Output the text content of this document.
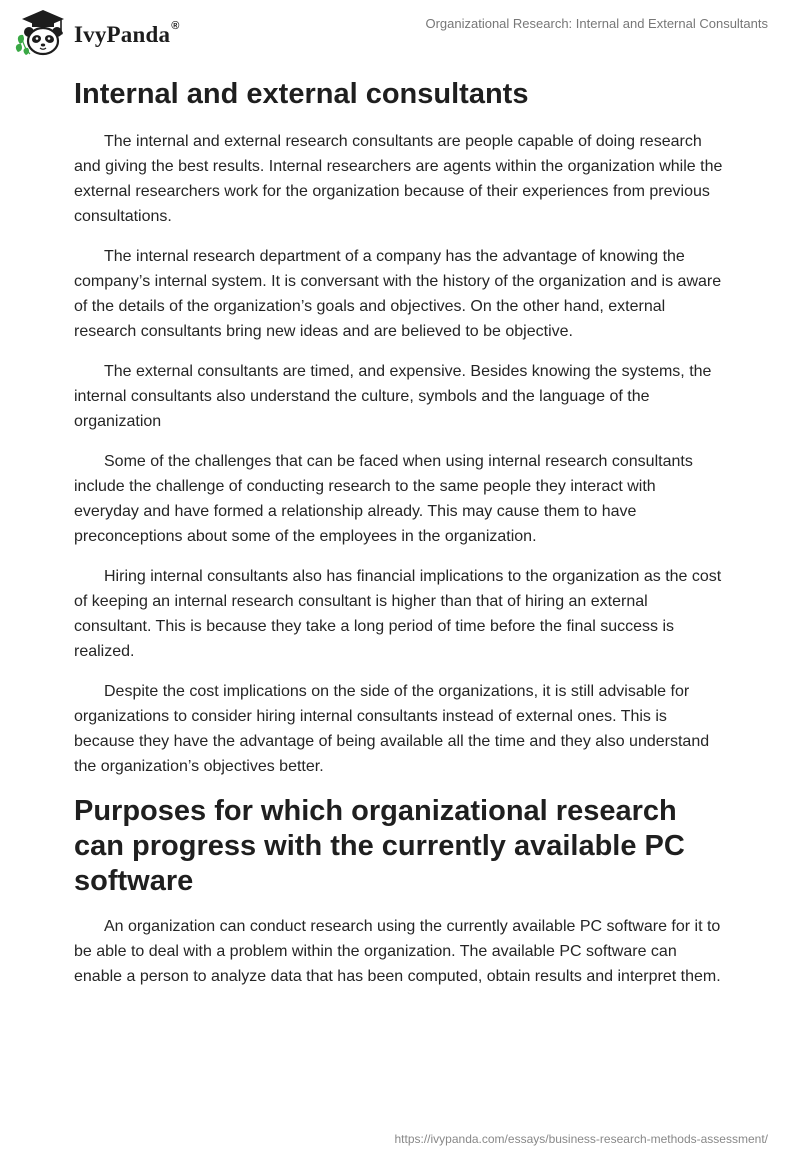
IvyPanda®	Organizational Research: Internal and External Consultants
Internal and external consultants

The internal and external research consultants are people capable of doing research and giving the best results. Internal researchers are agents within the organization while the external researchers work for the organization because of their experiences from previous consultations.

The internal research department of a company has the advantage of knowing the company’s internal system. It is conversant with the history of the organization and is aware of the details of the organization’s goals and objectives. On the other hand, external research consultants bring new ideas and are believed to be objective.

The external consultants are timed, and expensive. Besides knowing the systems, the internal consultants also understand the culture, symbols and the language of the organization

Some of the challenges that can be faced when using internal research consultants include the challenge of conducting research to the same people they interact with everyday and have formed a relationship already. This may cause them to have preconceptions about some of the employees in the organization.

Hiring internal consultants also has financial implications to the organization as the cost of keeping an internal research consultant is higher than that of hiring an external consultant. This is because they take a long period of time before the final success is realized.

Despite the cost implications on the side of the organizations, it is still advisable for organizations to consider hiring internal consultants instead of external ones. This is because they have the advantage of being available all the time and they also understand the organization’s objectives better.

Purposes for which organizational research can progress with the currently available PC software

An organization can conduct research using the currently available PC software for it to be able to deal with a problem within the organization. The available PC software can enable a person to analyze data that has been computed, obtain results and interpret them.

https://ivypanda.com/essays/business-research-methods-assessment/
